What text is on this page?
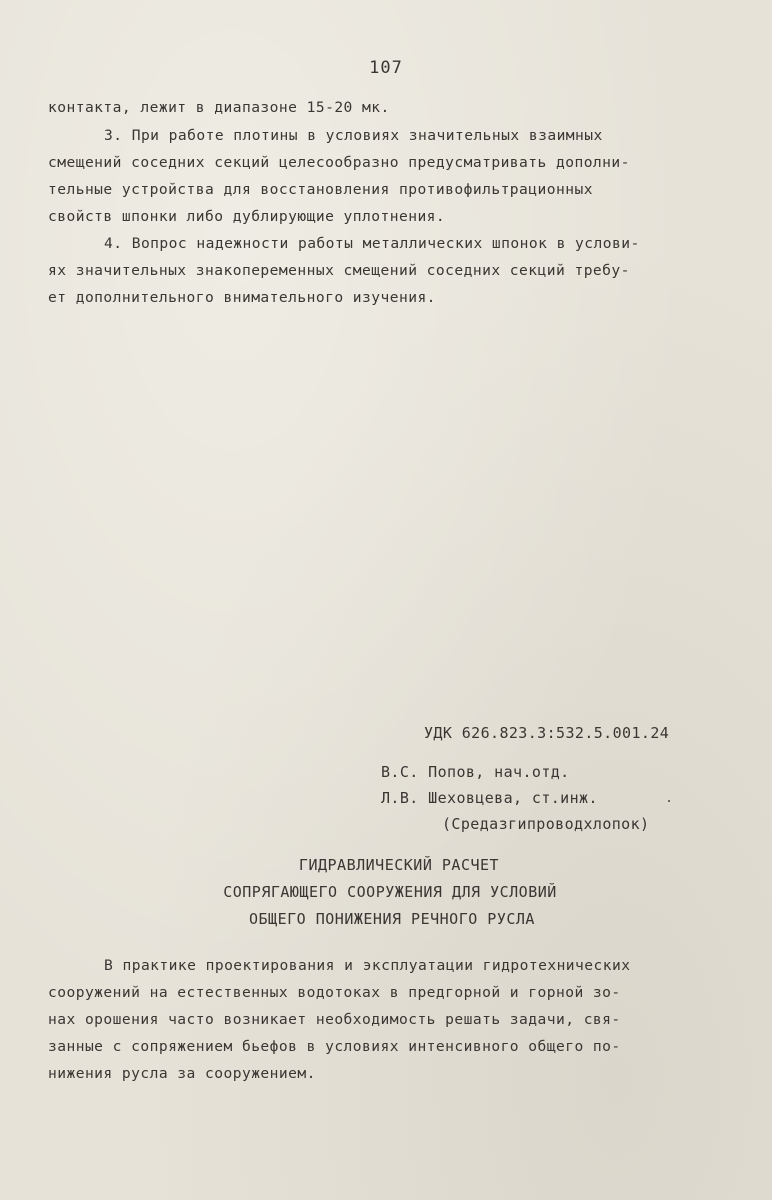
107
контакта, лежит в диапазоне 15-20 мк.
3. При работе плотины в условиях значительных взаимных
смещений соседних секций целесообразно предусматривать дополни-
тельные устройства для восстановления противофильтрационных
свойств шпонки либо дублирующие уплотнения.
4. Вопрос надежности работы металлических шпонок в услови-
ях значительных знакопеременных смещений соседних секций требу-
ет дополнительного внимательного изучения.
УДК 626.823.3:532.5.001.24
В.С. Попов, нач.отд.
Л.В. Шеховцева, ст.инж.
(Средазгипроводхлопок)
ГИДРАВЛИЧЕСКИЙ РАСЧЕТ
СОПРЯГАЮЩЕГО СООРУЖЕНИЯ ДЛЯ УСЛОВИЙ
ОБЩЕГО ПОНИЖЕНИЯ РЕЧНОГО РУСЛА
В практике проектирования и эксплуатации гидротехнических
сооружений на естественных водотоках в предгорной и горной зо-
нах орошения часто возникает необходимость решать задачи, свя-
занные с сопряжением бьефов в условиях интенсивного общего по-
нижения русла за сооружением.
